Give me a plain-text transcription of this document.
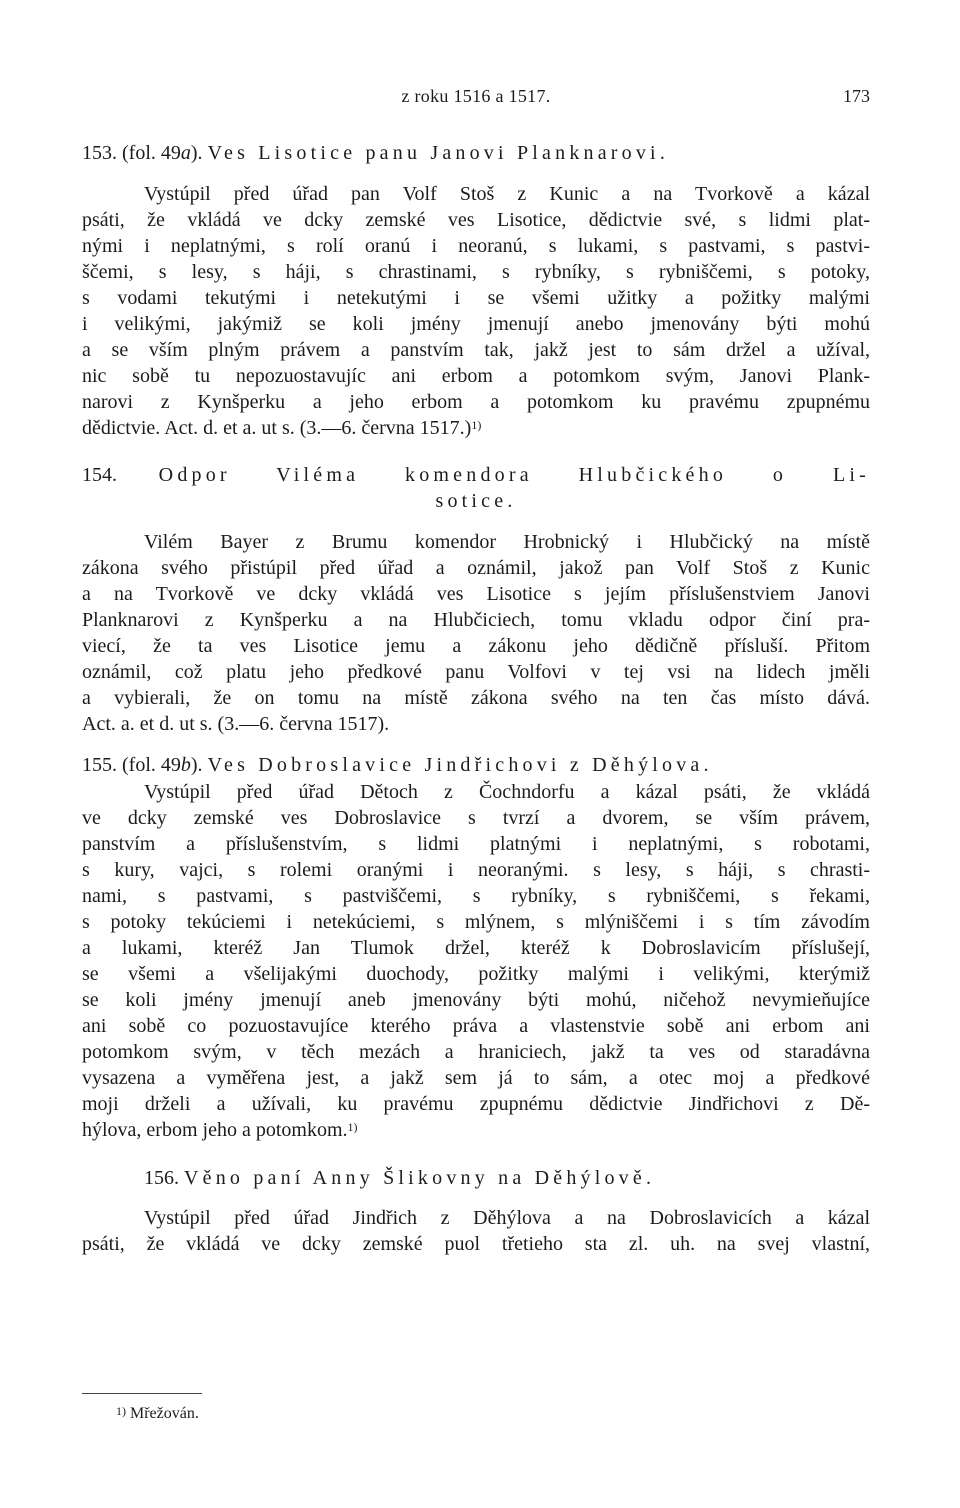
z roku 1516 a 1517.	173
153. (fol. 49a). Ves Lisotice panu Janovi Planknarovi.
Vystúpil před úřad pan Volf Stoš z Kunic a na Tvorkově a kázal
psáti, že vkládá ve dcky zemské ves Lisotice, dědictvie své, s lidmi plat-
nými i neplatnými, s rolí oranú i neoranú, s lukami, s pastvami, s pastvi-
ščemi, s lesy, s háji, s chrastinami, s rybníky, s rybniščemi, s potoky,
s vodami tekutými i netekutými i se všemi užitky a požitky malými
i velikými, jakýmiž se koli jmény jmenují anebo jmenovány býti mohú
a se vším plným právem a panstvím tak, jakž jest to sám držel a užíval,
nic sobě tu nepozuostavujíc ani erbom a potomkom svým, Janovi Plank-
narovi z Kynšperku a jeho erbom a potomkom ku pravému zpupnému
dědictvie. Act. d. et a. ut s. (3.—6. června 1517.)$^{1)}$
154. Odpor Viléma komendora Hlubčického o Li-
sotice.
Vilém Bayer z Brumu komendor Hrobnický i Hlubčický na místě
zákona svého přistúpil před úřad a oznámil, jakož pan Volf Stoš z Kunic
a na Tvorkově ve dcky vkládá ves Lisotice s jejím příslušenstviem Janovi
Planknarovi z Kynšperku a na Hlubčiciech, tomu vkladu odpor činí pra-
viecí, že ta ves Lisotice jemu a zákonu jeho dědičně přísluší. Přitom
oznámil, což platu jeho předkové panu Volfovi v tej vsi na lidech jměli
a vybierali, že on tomu na místě zákona svého na ten čas místo dává.
Act. a. et d. ut s. (3.—6. června 1517).
155. (fol. 49b). Ves Dobroslavice Jindřichovi z Děhýlova.
Vystúpil před úřad Dětoch z Čochndorfu a kázal psáti, že vkládá
ve dcky zemské ves Dobroslavice s tvrzí a dvorem, se vším právem,
panstvím a příslušenstvím, s lidmi platnými i neplatnými, s robotami,
s kury, vajci, s rolemi oranými i neoranými. s lesy, s háji, s chrasti-
nami, s pastvami, s pastviščemi, s rybníky, s rybniščemi, s řekami,
s potoky tekúciemi i netekúciemi, s mlýnem, s mlýniščemi i s tím závodím
a lukami, kteréž Jan Tlumok držel, kteréž k Dobroslavicím příslušejí,
se všemi a všelijakými duochody, požitky malými i velikými, kterýmiž
se koli jmény jmenují aneb jmenovány býti mohú, ničehož nevymieňujíce
ani sobě co pozuostavujíce kterého práva a vlastenstvie sobě ani erbom ani
potomkom svým, v těch mezách a hraniciech, jakž ta ves od staradávna
vysazena a vyměřena jest, a jakž sem já to sám, a otec moj a předkové
moji drželi a užívali, ku pravému zpupnému dědictvie Jindřichovi z Dě-
hýlova, erbom jeho a potomkom.$^{1)}$
156. Věno paní Anny Šlikovny na Děhýlově.
Vystúpil před úřad Jindřich z Děhýlova a na Dobroslavicích a kázal
psáti, že vkládá ve dcky zemské puol třetieho sta zl. uh. na svej vlastní,
$^{1)}$ Mřežován.
